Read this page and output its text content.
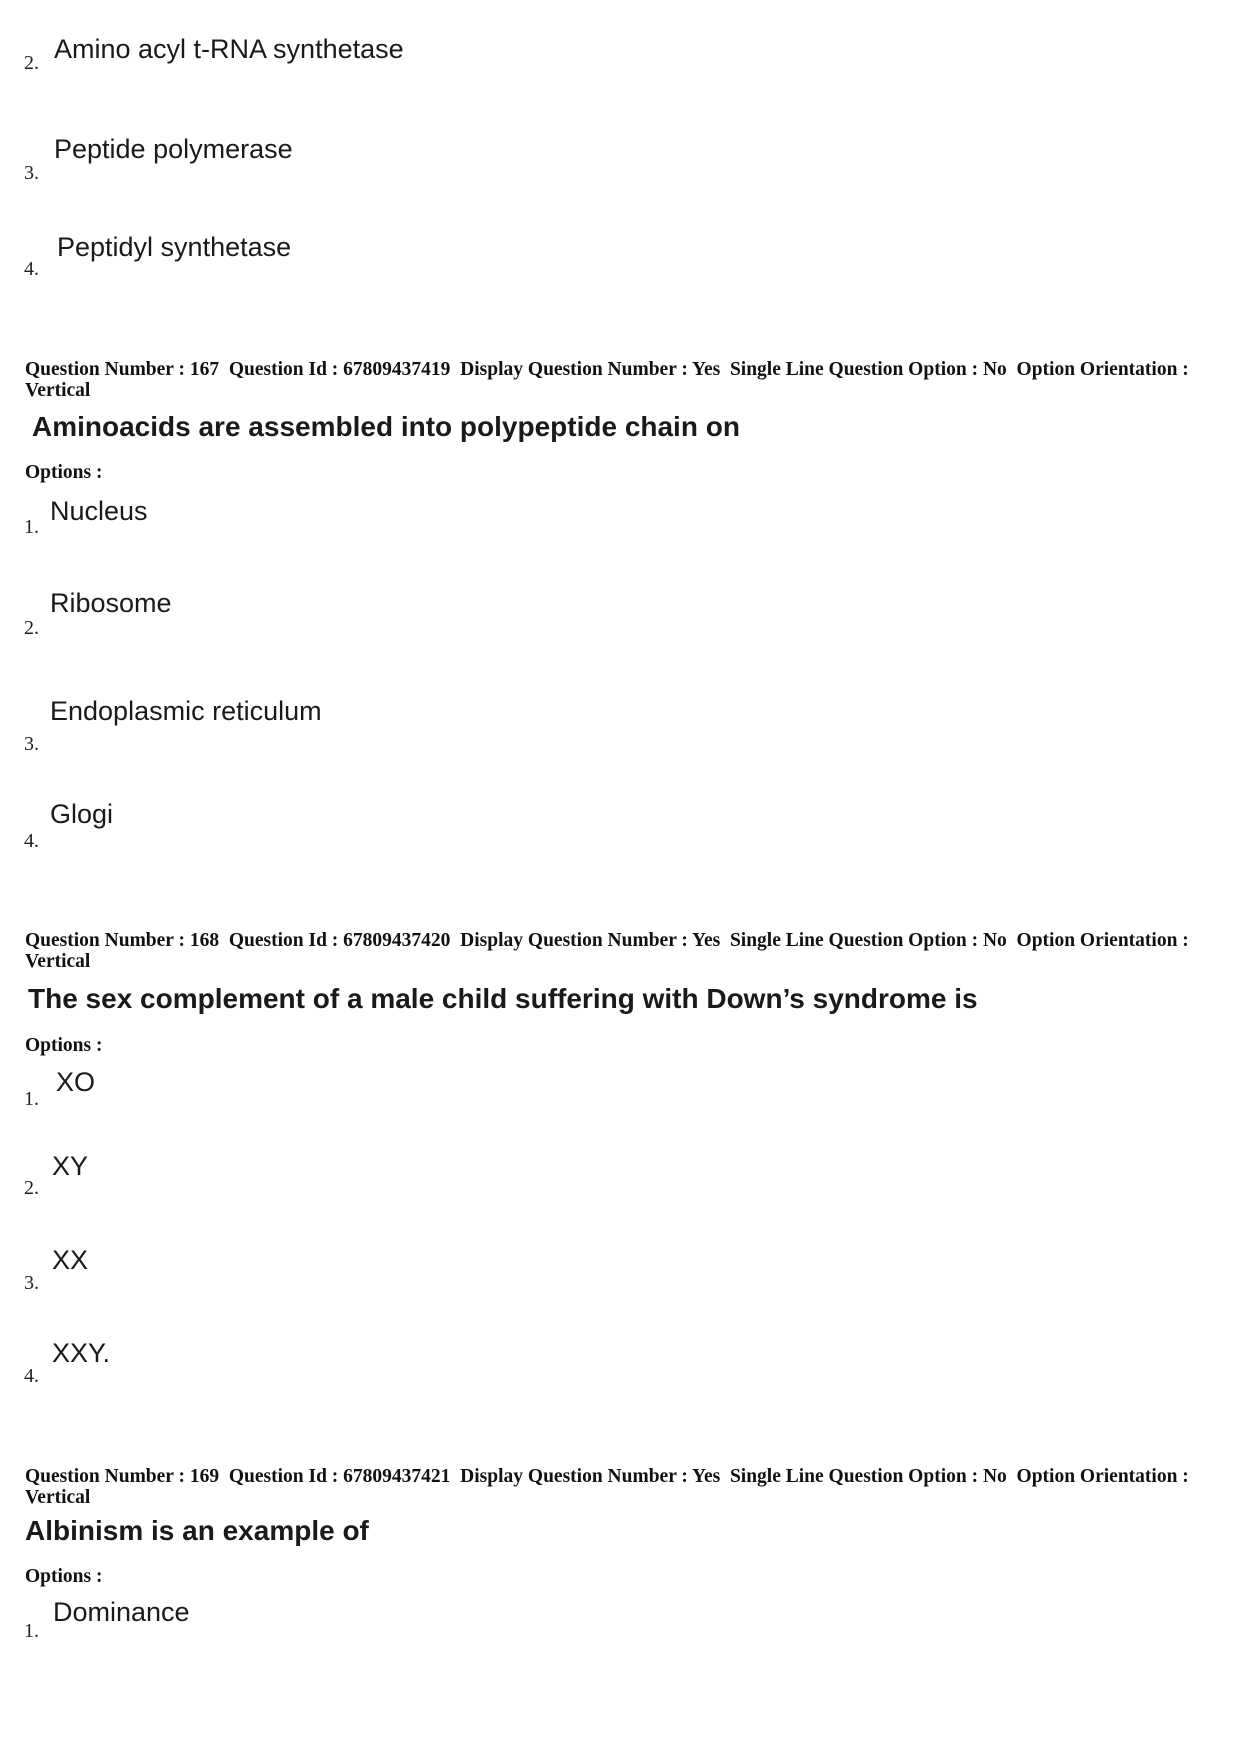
2. Amino acyl t-RNA synthetase
3.
Peptide polymerase
4.
Peptidyl synthetase
Question Number : 167  Question Id : 67809437419  Display Question Number : Yes  Single Line Question Option : No  Option Orientation : Vertical
Aminoacids are assembled into polypeptide chain on
Options :
1.
Nucleus
2.
Ribosome
3.
Endoplasmic reticulum
4.
Glogi
Question Number : 168  Question Id : 67809437420  Display Question Number : Yes  Single Line Question Option : No  Option Orientation : Vertical
The sex complement of a male child suffering with Down’s syndrome is
Options :
1.
XO
2.
XY
3.
XX
4.
XXY.
Question Number : 169  Question Id : 67809437421  Display Question Number : Yes  Single Line Question Option : No  Option Orientation : Vertical
Albinism is an example of
Options :
1.
Dominance
